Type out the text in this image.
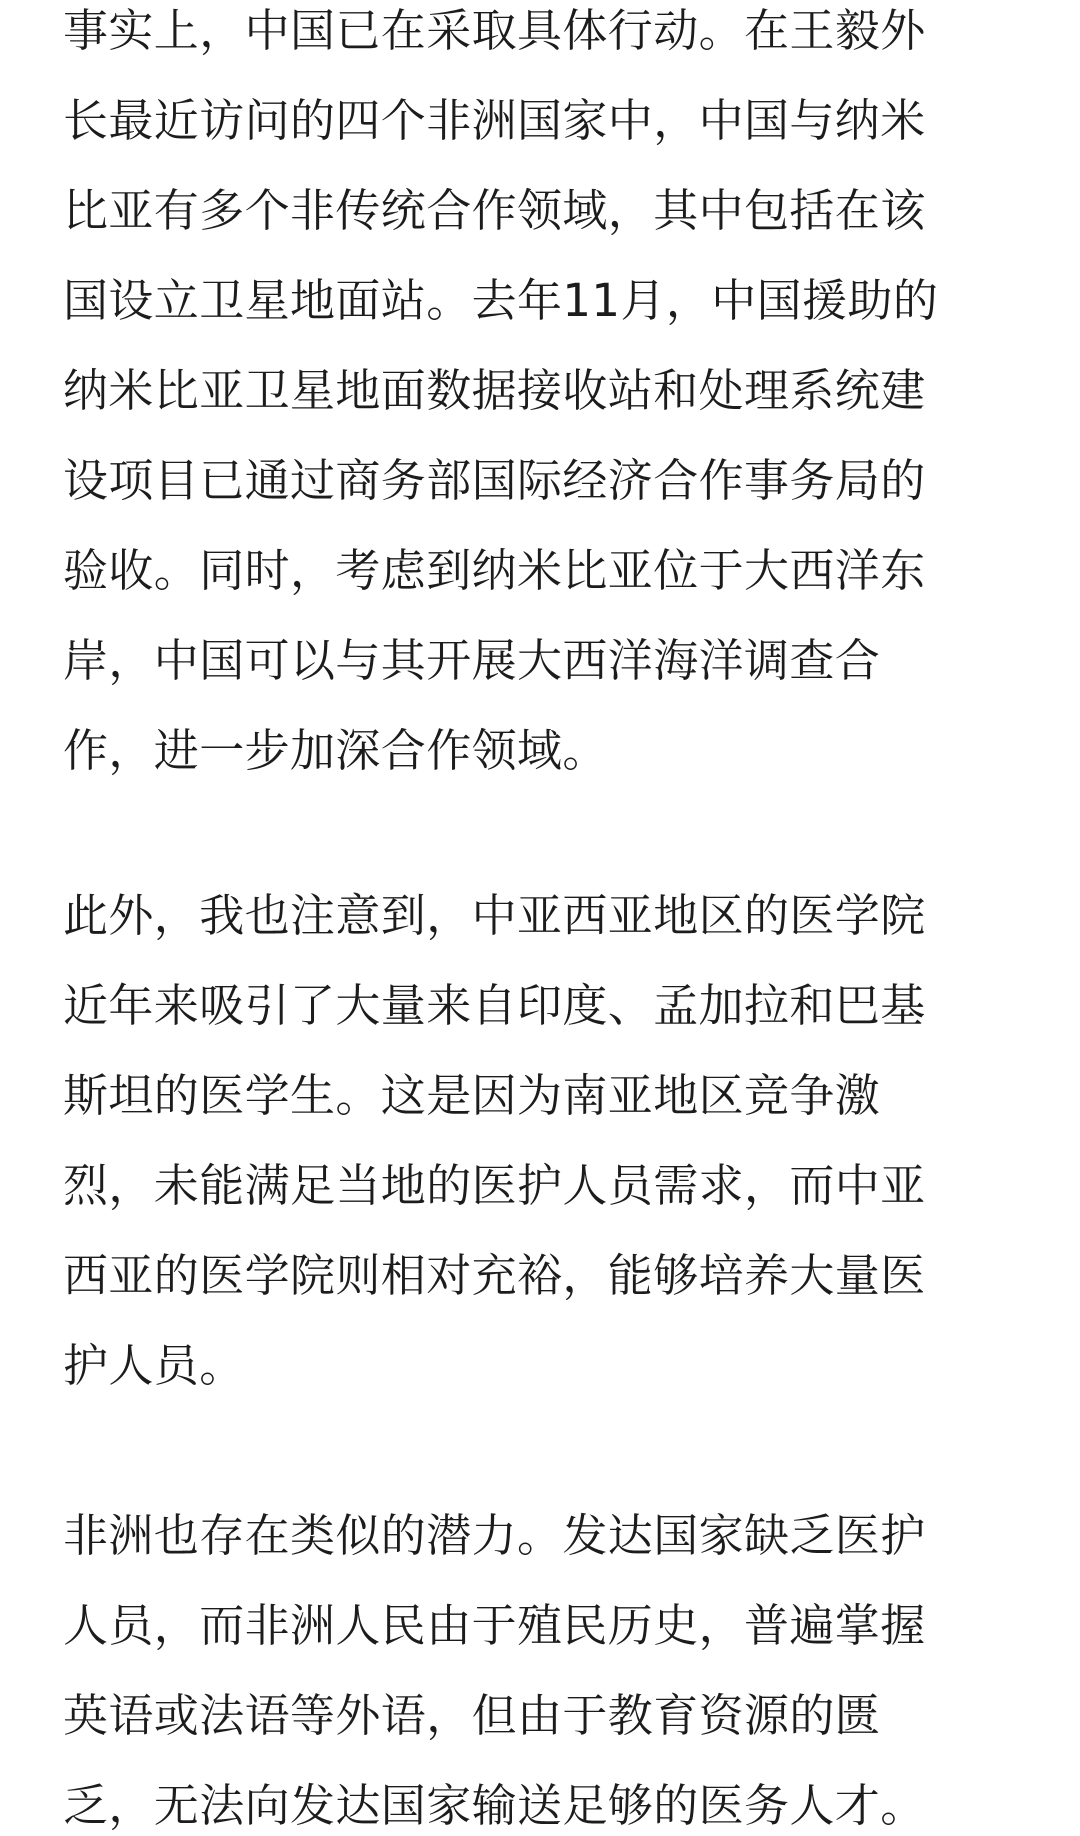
事实上，中国已在采取具体行动。在王毅外
长最近访问的四个非洲国家中，中国与纳米
比亚有多个非传统合作领域，其中包括在该
国设立卫星地面站。去年11月，中国援助的
纳米比亚卫星地面数据接收站和处理系统建
设项目已通过商务部国际经济合作事务局的
验收。同时，考虑到纳米比亚位于大西洋东
岸，中国可以与其开展大西洋海洋调查合
作，进一步加深合作领域。
此外，我也注意到，中亚西亚地区的医学院
近年来吸引了大量来自印度、孟加拉和巴基
斯坦的医学生。这是因为南亚地区竞争激
烈，未能满足当地的医护人员需求，而中亚
西亚的医学院则相对充裕，能够培养大量医
护人员。
非洲也存在类似的潜力。发达国家缺乏医护
人员，而非洲人民由于殖民历史，普遍掌握
英语或法语等外语，但由于教育资源的匮
乏，无法向发达国家输送足够的医务人才。
